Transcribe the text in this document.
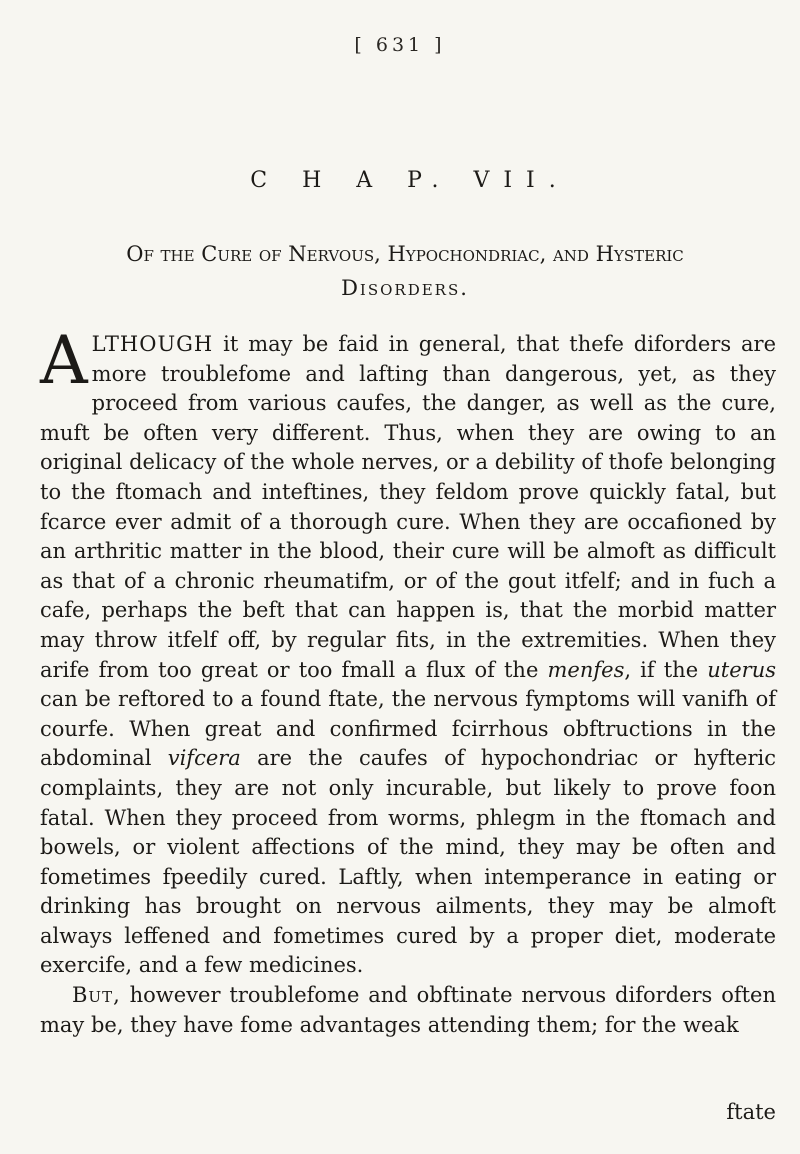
[ 631 ]
C H A P. VII.
Of the Cure of Nervous, Hypochondriac, and Hysteric
Disorders.

ALTHOUGH it may be faid in general, that thefe diforders are more troublefome and lafting than dangerous, yet, as they proceed from various caufes, the danger, as well as the cure, muft be often very different. Thus, when they are owing to an original delicacy of the whole nerves, or a debility of thofe belonging to the ftomach and inteftines, they feldom prove quickly fatal, but fcarce ever admit of a thorough cure. When they are occafioned by an arthritic matter in the blood, their cure will be almoft as difficult as that of a chronic rheumatifm, or of the gout itfelf; and in fuch a cafe, perhaps the beft that can happen is, that the morbid matter may throw itfelf off, by regular fits, in the extremities. When they arife from too great or too fmall a flux of the menfes, if the uterus can be reftored to a found ftate, the nervous fymptoms will vanifh of courfe. When great and confirmed fcirrhous obftructions in the abdominal vifcera are the caufes of hypochondriac or hyfteric complaints, they are not only incurable, but likely to prove foon fatal. When they proceed from worms, phlegm in the ftomach and bowels, or violent affections of the mind, they may be often and fometimes fpeedily cured. Laftly, when intemperance in eating or drinking has brought on nervous ailments, they may be almoft always leffened and fometimes cured by a proper diet, moderate exercife, and a few medicines.

But, however troublefome and obftinate nervous diforders often may be, they have fome advantages attending them; for the weak

ftate
